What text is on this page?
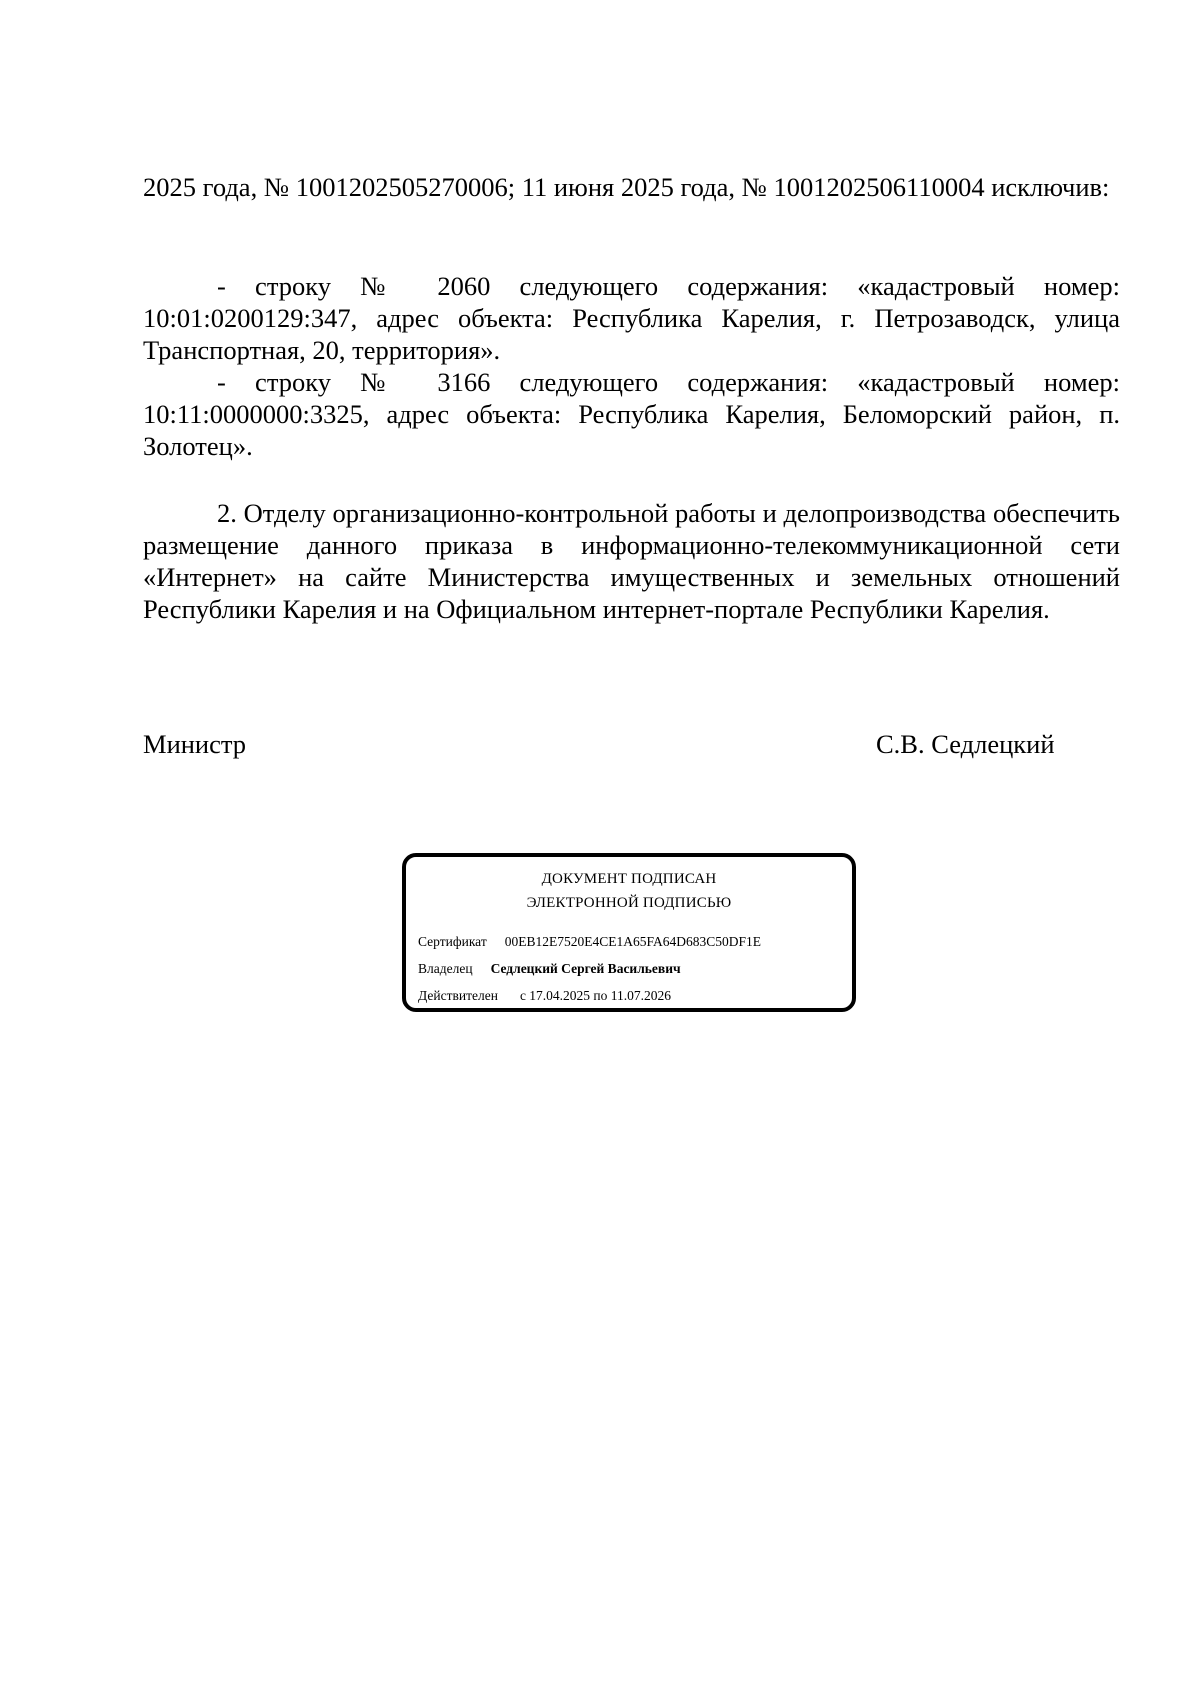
2025 года, № 1001202505270006; 11 июня 2025 года, № 1001202506110004 исключив:

- строку № 2060 следующего содержания: «кадастровый номер: 10:01:0200129:347, адрес объекта: Республика Карелия, г. Петрозаводск, улица Транспортная, 20, территория».

- строку № 3166 следующего содержания: «кадастровый номер: 10:11:0000000:3325, адрес объекта: Республика Карелия, Беломорский район, п. Золотец».

2. Отделу организационно-контрольной работы и делопроизводства обеспечить размещение данного приказа в информационно-телекоммуникационной сети «Интернет» на сайте Министерства имущественных и земельных отношений Республики Карелия и на Официальном интернет-портале Республики Карелия.

Министр	С.В. Седлецкий
ДОКУМЕНТ ПОДПИСАН
ЭЛЕКТРОННОЙ ПОДПИСЬЮ
Сертификат 00EB12E7520E4CE1A65FA64D683C50DF1E
Владелец Седлецкий Сергей Васильевич
Действителен с 17.04.2025 по 11.07.2026
